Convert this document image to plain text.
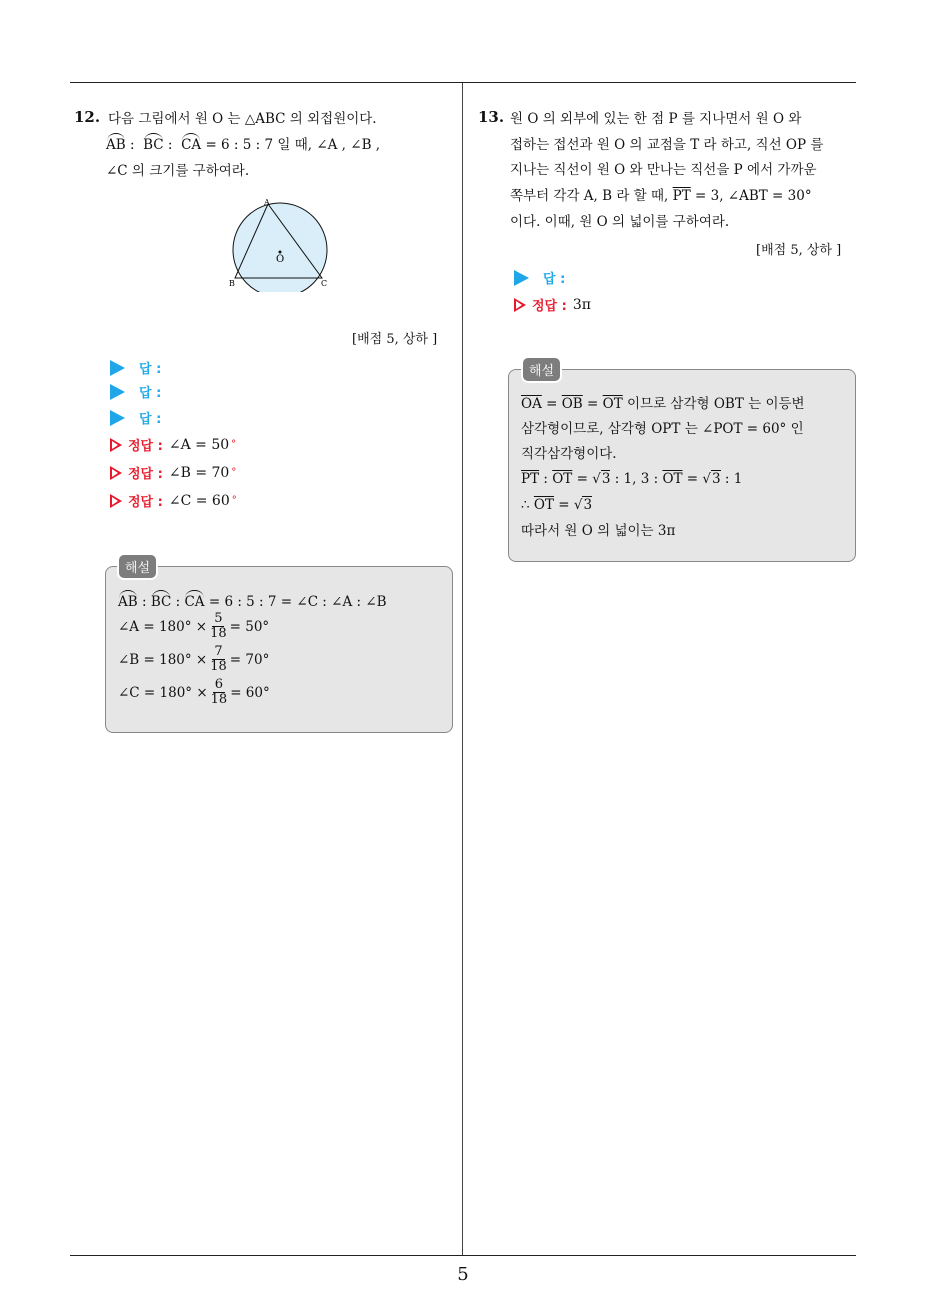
12. 다음 그림에서 원 O 는 △ABC 의 외접원이다.
AB :  BC :  CA = 6 : 5 : 7 일 때, ∠A , ∠B ,
∠C 의 크기를 구하여라.
A
B	C
O
[배점 5, 상하 ]
답 :
답 :
답 :
정답 : ∠A = 50 °
정답 : ∠B = 70 °
정답 : ∠C = 60 °
해설
AB : BC : CA = 6 : 5 : 7 = ∠C : ∠A : ∠B
∠A = $180^\circ \times \frac{5}{18} = 50^\circ$
∠B = $180^\circ \times \frac{7}{18} = 70^\circ$
∠C = $180^\circ \times \frac{6}{18} = 60^\circ$
13. 원 O 의 외부에 있는 한 점 P 를 지나면서 원 O 와
접하는 접선과 원 O 의 교점을 T 라 하고, 직선 OP 를
지나는 직선이 원 O 와 만나는 직선을 P 에서 가까운
쪽부터 각각 A, B 라 할 때, $\overline{PT} = 3$, ∠ABT = 30°
이다. 이때, 원 O 의 넓이를 구하여라.
[배점 5, 상하 ]
답 :
정답 : 3π
해설
$\overline{OA} = \overline{OB} = \overline{OT}$ 이므로 삼각형 OBT 는 이등변
삼각형이므로, 삼각형 OPT 는 ∠POT = 60° 인
직각삼각형이다.
$\overline{PT}$ : $\overline{OT} = √3$ : 1, 3 : $\overline{OT} = √3$ : 1
∴ $\overline{OT} = √3$
따라서 원 O 의 넓이는 3π
5
